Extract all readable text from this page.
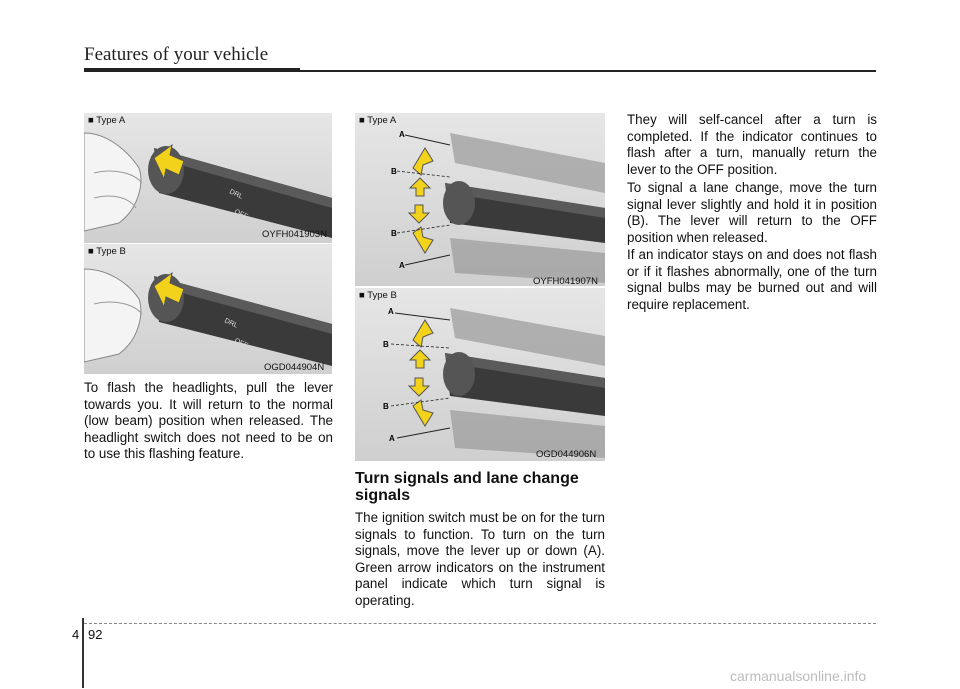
Features of your vehicle
DRL
OFF
■ Type A
OYFH041903N
DRL
OFF
■ Type B
OGD044904N
A
B
B
A
■ Type A
OYFH041907N
A
B
B
A
■ Type B
OGD044906N

To flash the headlights, pull the lever towards you. It will return to the normal (low beam) position when released. The headlight switch does not need to be on to use this flashing feature.

Turn signals and lane change signals

The ignition switch must be on for the turn signals to function. To turn on the turn signals, move the lever up or down (A). Green arrow indicators on the instrument panel indicate which turn signal is operating.

They will self-cancel after a turn is completed. If the indicator continues to flash after a turn, manually return the lever to the OFF position.

To signal a lane change, move the turn signal lever slightly and hold it in position (B). The lever will return to the OFF position when released.

If an indicator stays on and does not flash or if it flashes abnormally, one of the turn signal bulbs may be burned out and will require replacement.

4 92
carmanualsonline.info
